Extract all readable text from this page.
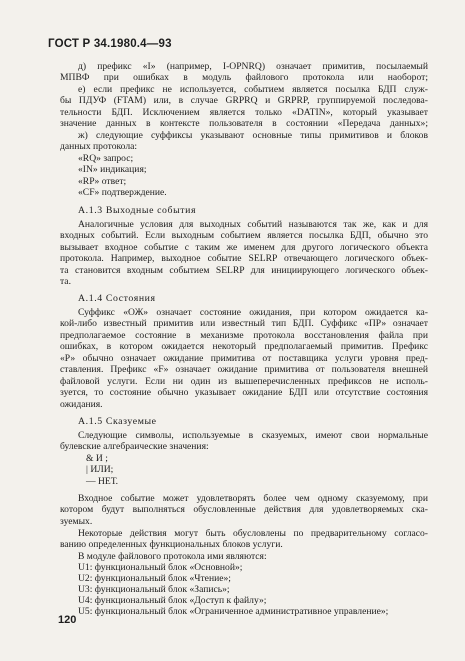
ГОСТ Р 34.1980.4—93
д) префикс «I» (например, I-OPNRQ) означает примитив, посылаемый
МПВФ при ошибках в модуль файлового протокола или наоборот;
е) если префикс не используется, событием является посылка БДП служ-
бы ПДУФ (FTAM) или, в случае GRPRQ и GRPRP, группируемой последова-
тельности БДП. Исключением является только «DATIN», который указывает
значение данных в контексте пользователя в состоянии «Передача данных»;
ж) следующие суффиксы указывают основные типы примитивов и блоков
данных протокола:
«RQ» запрос;
«IN» индикация;
«RP» ответ;
«CF» подтверждение.
А.1.3 Выходные события
Аналогичные условия для выходных событий называются так же, как и для
входных событий. Если выходным событием является посылка БДП, обычно это
вызывает входное событие с таким же именем для другого логического объекта
протокола. Например, выходное событие SELRP отвечающего логического объек-
та становится входным событием SELRP для инициирующего логического объек-
та.
А.1.4 Состояния
Суффикс «ОЖ» означает состояние ожидания, при котором ожидается ка-
кой-либо известный примитив или известный тип БДП. Суффикс «ПР» означает
предполагаемое состояние в механизме протокола восстановления файла при
ошибках, в котором ожидается некоторый предполагаемый примитив. Префикс
«Р» обычно означает ожидание примитива от поставщика услуги уровня пред-
ставления. Префикс «F» означает ожидание примитива от пользователя внешней
файловой услуги. Если ни один из вышеперечисленных префиксов не исполь-
зуется, то состояние обычно указывает ожидание БДП или отсутствие состояния
ожидания.
А.1.5 Сказуемые
Следующие символы, используемые в сказуемых, имеют свои нормальные
булевские алгебраические значения:
& И ;
| ИЛИ;
— НЕТ.
Входное событие может удовлетворять более чем одному сказуемому, при
котором будут выполняться обусловленные действия для удовлетворяемых ска-
зуемых.
Некоторые действия могут быть обусловлены по предварительному согласо-
ванию определенных функциональных блоков услуги.
В модуле файлового протокола ими являются:
U1: функциональный блок «Основной»;
U2: функциональный блок «Чтение»;
U3: функциональный блок «Запись»;
U4: функциональный блок «Доступ к файлу»;
U5: функциональный блок «Ограниченное административное управление»;
120
